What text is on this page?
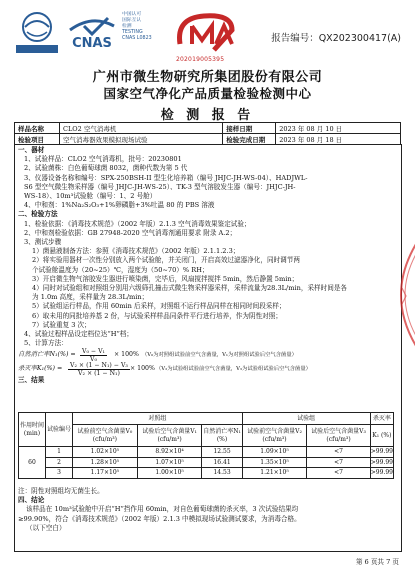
CNAS
中国认可
国际互认
检测
TESTING
CNAS L0823
202019005395
报告编号：QX202300417(A)
广州市微生物研究所集团股份有限公司
国家空气净化产品质量检验检测中心
检 测 报 告
样品名称	CLO2 空气消毒机	接样日期	2023 年 08 月 10 日
检验项目	空气消毒器效果模拟现场试验	检验完成日期	2023 年 08 月 18 日
一、器材
1、试验样品：CLO2 空气消毒机，批号：20230801
2、试验菌株：白色葡萄球菌 8032，菌种代数为第 5 代
3、仪器设备名称和编号：SPX-250BSH-II 型生化培养箱（编号 JHJC-JH-WS-04）、HADJWL-
S6 型空气微生物采样器（编号 JHJC-JH-WS-25）、TK-3 型气溶胶发生器（编号：JHJC-JH-
WS-18）、10m³试验舱（编号：1、2 号舱）
4、中和剂：1%Na₂S₂O₃+1%卵磷脂+3%吐温 80 的 PBS 溶液
二、检验方法
1、检验依据：《消毒技术规范》（2002 年版）2.1.3 空气消毒效果鉴定试验；
2、中和剂检验依据：GB 27948-2020 空气消毒剂通用要求 附录 A.2；
3、测试步骤
1）菌悬液制备方法：参照《消毒技术规范》（2002 年版）2.1.1.2.3；
2）将实验用器材一次性分别放入两个试验舱，并关闭门，开启高效过滤器净化，同时调节两
个试验舱温度为（20~25）℃，湿度为（50~70）% RH；
3）开启微生物气溶胶发生器进行喷染菌，完毕后，风扇搅拌搅拌 5min，然后静置 5min；
4）同时对试验组和对照组分别用六级筛孔撞击式微生物采样器采样，采样流量为28.3L/min，采样时间是各
为 1.0m 高度，采样量为 28.3L/min；
5）试验组运行样品，作用 60min 后采样，对照组不运行样品同样在相同时间段采样；
6）取未用的同批培养基 2 份，与试验采样样品同条件平行进行培养，作为阴性对照；
7）试验重复 3 次；
4、试验过程样品设定档位达“H”档；
5、计算方法：
自然消亡率$N_1(\%) = \frac{\text{V₀ − V₁}}{\text{V₀}} \times 100\%$ （V₀为对照组试验前空气含菌量，V₁为对照组试验后空气含菌量）
杀灭率$K_1(\%) = \frac{\text{V₂ × (1 − N₁) − V₃}}{\text{V₂ × (1 − N₁)}} \times 100\%$ （V₂为试验组试验前空气含菌量，V₃为试验组试验后空气含菌量）
三、结果
作用时间 (min)	试验编号	对照组			试验组		杀灭率
		试验前空气含菌量V₀ (cfu/m³)	试验后空气含菌量V₁ (cfu/m³)	自然消亡率N₁ (%)	试验前空气含菌量V₂ (cfu/m³)	试验后空气含菌量V₃ (cfu/m³)	K₁ (%)
60	1	1.02×10⁵	8.92×10⁴	12.55	1.09×10⁵	<7	>99.99
	2	1.28×10⁵	1.07×10⁵	16.41	1.35×10⁵	<7	>99.99
	3	1.17×10⁵	1.00×10⁵	14.53	1.21×10⁵	<7	>99.99
注：阴性对照组均无菌生长。
四、结论
该样品在 10m³试验舱中开启“H”挡作用 60min，对自色葡萄球菌的杀灭率，3 次试验结果均
≥99.90%，符合《消毒技术规范》（2002 年版）2.1.3 中模拟现场试验测试要求，为消毒合格。
（以下空白）
第 6 页共 7 页
